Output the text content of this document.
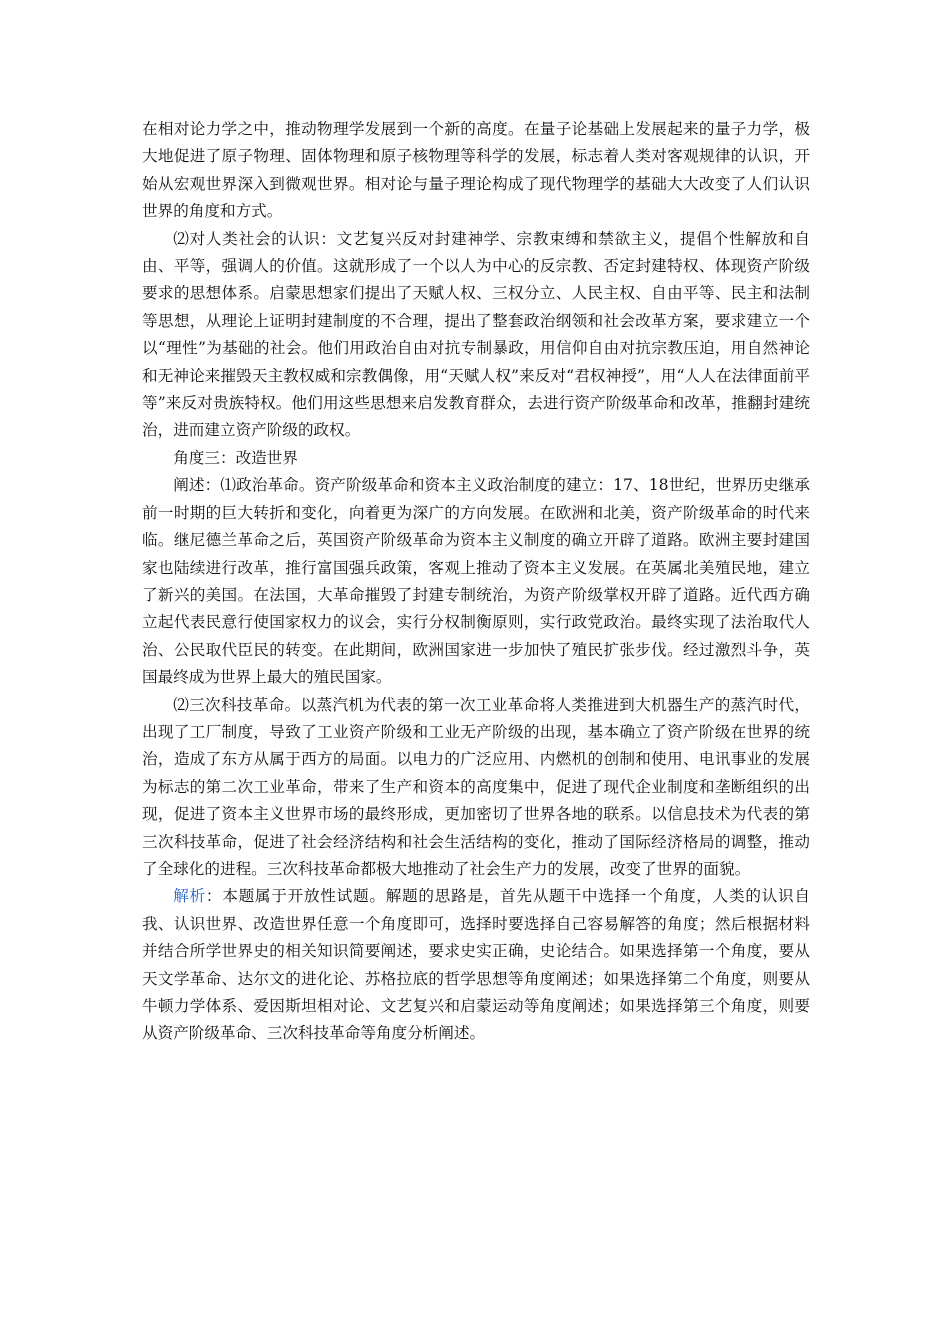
在相对论力学之中，推动物理学发展到一个新的高度。在量子论基础上发展起来的量子力学，极大地促进了原子物理、固体物理和原子核物理等科学的发展，标志着人类对客观规律的认识，开始从宏观世界深入到微观世界。相对论与量子理论构成了现代物理学的基础大大改变了人们认识世界的角度和方式。

⑵对人类社会的认识：文艺复兴反对封建神学、宗教束缚和禁欲主义，提倡个性解放和自由、平等，强调人的价值。这就形成了一个以人为中心的反宗教、否定封建特权、体现资产阶级要求的思想体系。启蒙思想家们提出了天赋人权、三权分立、人民主权、自由平等、民主和法制等思想，从理论上证明封建制度的不合理，提出了整套政治纲领和社会改革方案，要求建立一个以“理性”为基础的社会。他们用政治自由对抗专制暴政，用信仰自由对抗宗教压迫，用自然神论和无神论来摧毁天主教权威和宗教偶像，用“天赋人权”来反对“君权神授”，用“人人在法律面前平等”来反对贵族特权。他们用这些思想来启发教育群众，去进行资产阶级革命和改革，推翻封建统治，进而建立资产阶级的政权。

角度三：改造世界

阐述：⑴政治革命。资产阶级革命和资本主义政治制度的建立：17、18世纪，世界历史继承前一时期的巨大转折和变化，向着更为深广的方向发展。在欧洲和北美，资产阶级革命的时代来临。继尼德兰革命之后，英国资产阶级革命为资本主义制度的确立开辟了道路。欧洲主要封建国家也陆续进行改革，推行富国强兵政策，客观上推动了资本主义发展。在英属北美殖民地，建立了新兴的美国。在法国，大革命摧毁了封建专制统治，为资产阶级掌权开辟了道路。近代西方确立起代表民意行使国家权力的议会，实行分权制衡原则，实行政党政治。最终实现了法治取代人治、公民取代臣民的转变。在此期间，欧洲国家进一步加快了殖民扩张步伐。经过激烈斗争，英国最终成为世界上最大的殖民国家。

⑵三次科技革命。以蒸汽机为代表的第一次工业革命将人类推进到大机器生产的蒸汽时代，出现了工厂制度，导致了工业资产阶级和工业无产阶级的出现，基本确立了资产阶级在世界的统治，造成了东方从属于西方的局面。以电力的广泛应用、内燃机的创制和使用、电讯事业的发展为标志的第二次工业革命，带来了生产和资本的高度集中，促进了现代企业制度和垄断组织的出现，促进了资本主义世界市场的最终形成，更加密切了世界各地的联系。以信息技术为代表的第三次科技革命，促进了社会经济结构和社会生活结构的变化，推动了国际经济格局的调整，推动了全球化的进程。三次科技革命都极大地推动了社会生产力的发展，改变了世界的面貌。

解析：本题属于开放性试题。解题的思路是，首先从题干中选择一个角度，人类的认识自我、认识世界、改造世界任意一个角度即可，选择时要选择自己容易解答的角度；然后根据材料并结合所学世界史的相关知识简要阐述，要求史实正确，史论结合。如果选择第一个角度，要从天文学革命、达尔文的进化论、苏格拉底的哲学思想等角度阐述；如果选择第二个角度，则要从牛顿力学体系、爱因斯坦相对论、文艺复兴和启蒙运动等角度阐述；如果选择第三个角度，则要从资产阶级革命、三次科技革命等角度分析阐述。
